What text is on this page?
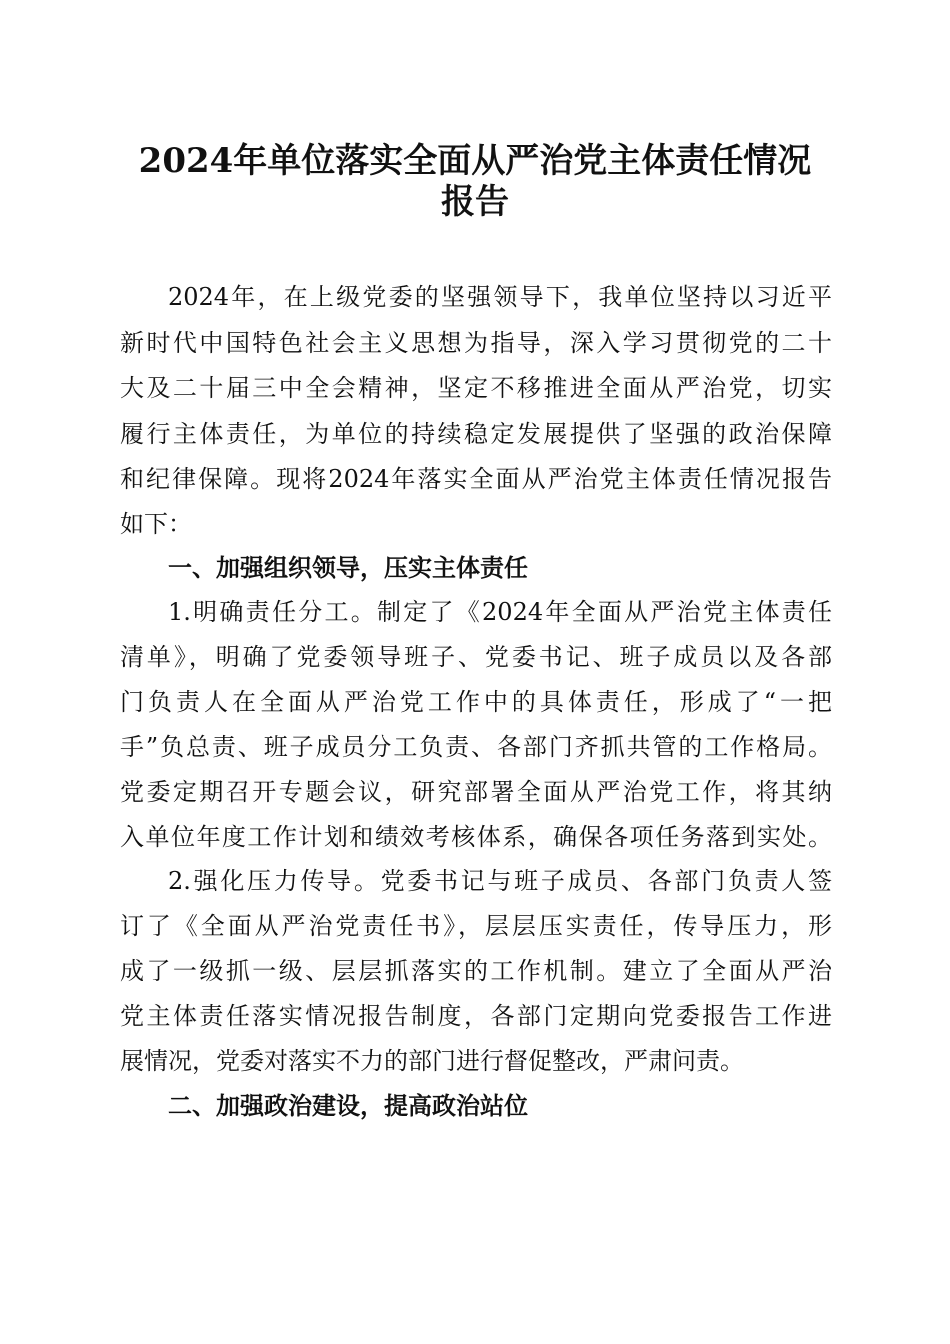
2024年单位落实全面从严治党主体责任情况
报告
2024年，在上级党委的坚强领导下，我单位坚持以习近平
新时代中国特色社会主义思想为指导，深入学习贯彻党的二十
大及二十届三中全会精神，坚定不移推进全面从严治党，切实
履行主体责任，为单位的持续稳定发展提供了坚强的政治保障
和纪律保障。现将2024年落实全面从严治党主体责任情况报告
如下：
一、加强组织领导，压实主体责任
1.明确责任分工。制定了《2024年全面从严治党主体责任
清单》，明确了党委领导班子、党委书记、班子成员以及各部
门负责人在全面从严治党工作中的具体责任，形成了“一把
手”负总责、班子成员分工负责、各部门齐抓共管的工作格局。
党委定期召开专题会议，研究部署全面从严治党工作，将其纳
入单位年度工作计划和绩效考核体系，确保各项任务落到实处。
2.强化压力传导。党委书记与班子成员、各部门负责人签
订了《全面从严治党责任书》，层层压实责任，传导压力，形
成了一级抓一级、层层抓落实的工作机制。建立了全面从严治
党主体责任落实情况报告制度，各部门定期向党委报告工作进
展情况，党委对落实不力的部门进行督促整改，严肃问责。
二、加强政治建设，提高政治站位
